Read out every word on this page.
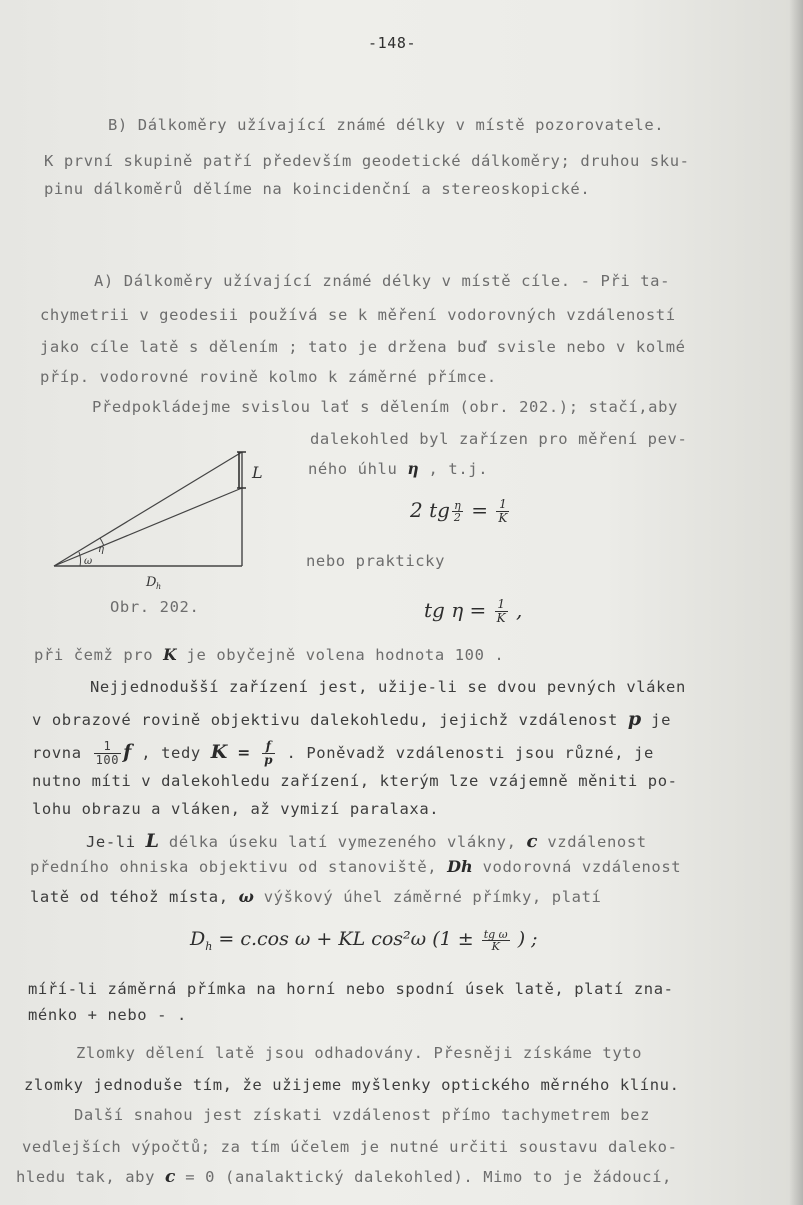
-148-
B) Dálkoměry užívající známé délky v místě pozorovatele.
K první skupině patří především geodetické dálkoměry; druhou sku-
pinu dálkoměrů dělíme na koincidenční a stereoskopické.
A) Dálkoměry užívající známé délky v místě cíle. - Při ta-
chymetrii v geodesii používá se k měření vodorovných vzdáleností
jako cíle latě s dělením ; tato je držena buď svisle nebo v kolmé
příp. vodorovné rovině kolmo k záměrné přímce.
Předpokládejme svislou lať s dělením (obr. 202.); stačí,aby
dalekohled byl zařízen pro měření pev-
ného úhlu η , t.j.
L
η
ω
D h
Obr. 202.
2 tg $\frac{\eta}{2} = \frac{1}{K}$
nebo prakticky
tg $\eta = \frac{1}{K}$ ,
při čemž pro K je obyčejně volena hodnota 100 .
Nejjednodušší zařízení jest, užije-li se dvou pevných vláken
v obrazové rovině objektivu dalekohledu, jejichž vzdálenost p je
rovna $\frac{1}{100}$ f , tedy $K = \frac{f}{p}$ . Poněvadž vzdálenosti jsou různé, je
nutno míti v dalekohledu zařízení, kterým lze vzájemně měniti po-
lohu obrazu a vláken, až vymizí paralaxa.
Je-li L délka úseku latí vymezeného vlákny, c vzdálenost
předního ohniska objektivu od stanoviště, Dh vodorovná vzdálenost
latě od téhož místa, ω výškový úhel záměrné přímky, platí
$D_h = c.\cos$ ω + KL cos²ω ($1 \pm \frac{\text{tg ω}}{K}$ ) ;
míří-li záměrná přímka na horní nebo spodní úsek latě, platí zna-
ménko + nebo - .
Zlomky dělení latě jsou odhadovány. Přesněji získáme tyto
zlomky jednoduše tím, že užijeme myšlenky optického měrného klínu.
Další snahou jest získati vzdálenost přímo tachymetrem bez
vedlejších výpočtů; za tím účelem je nutné určiti soustavu daleko-
hledu tak, aby c = 0 (analaktický dalekohled). Mimo to je žádoucí,
